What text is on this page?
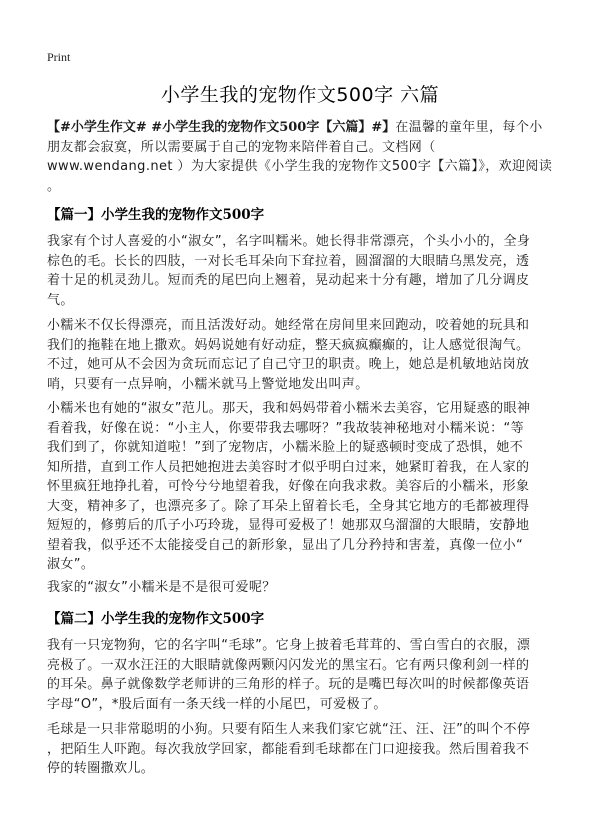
Print
小学生我的宠物作文500字 六篇
【#小学生作文# #小学生我的宠物作文500字【六篇】#】在温馨的童年里，每个小
朋友都会寂寞，所以需要属于自己的宠物来陪伴着自己。文档网（
www.wendang.net ）为大家提供《小学生我的宠物作文500字【六篇】》，欢迎阅读
。
【篇一】小学生我的宠物作文500字
我家有个讨人喜爱的小“淑女”，名字叫糯米。她长得非常漂亮，个头小小的，全身
棕色的毛。长长的四肢，一对长毛耳朵向下耷拉着，圆溜溜的大眼睛乌黑发亮，透
着十足的机灵劲儿。短而秃的尾巴向上翘着，晃动起来十分有趣，增加了几分调皮
气。
小糯米不仅长得漂亮，而且活泼好动。她经常在房间里来回跑动，咬着她的玩具和
我们的拖鞋在地上撒欢。妈妈说她有好动症，整天疯疯癫癫的，让人感觉很淘气。
不过，她可从不会因为贪玩而忘记了自己守卫的职责。晚上，她总是机敏地站岗放
哨，只要有一点异响，小糯米就马上警觉地发出叫声。
小糯米也有她的“淑女”范儿。那天，我和妈妈带着小糯米去美容，它用疑惑的眼神
看着我，好像在说：“小主人，你要带我去哪呀？”我故装神秘地对小糯米说：“等
我们到了，你就知道啦！”到了宠物店，小糯米脸上的疑惑顿时变成了恐惧，她不
知所措，直到工作人员把她抱进去美容时才似乎明白过来，她紧盯着我，在人家的
怀里疯狂地挣扎着，可怜兮兮地望着我，好像在向我求救。美容后的小糯米，形象
大变，精神多了，也漂亮多了。除了耳朵上留着长毛，全身其它地方的毛都被理得
短短的，修剪后的爪子小巧玲珑，显得可爱极了！她那双乌溜溜的大眼睛，安静地
望着我，似乎还不太能接受自己的新形象，显出了几分矜持和害羞，真像一位小“
淑女”。
我家的“淑女”小糯米是不是很可爱呢？
【篇二】小学生我的宠物作文500字
我有一只宠物狗，它的名字叫“毛球”。它身上披着毛茸茸的、雪白雪白的衣服，漂
亮极了。一双水汪汪的大眼睛就像两颗闪闪发光的黑宝石。它有两只像利剑一样的
的耳朵。鼻子就像数学老师讲的三角形的样子。玩的是嘴巴每次叫的时候都像英语
字母“O”，*股后面有一条天线一样的小尾巴，可爱极了。
毛球是一只非常聪明的小狗。只要有陌生人来我们家它就“汪、汪、汪”的叫个不停
，把陌生人吓跑。每次我放学回家，都能看到毛球都在门口迎接我。然后围着我不
停的转圈撒欢儿。
